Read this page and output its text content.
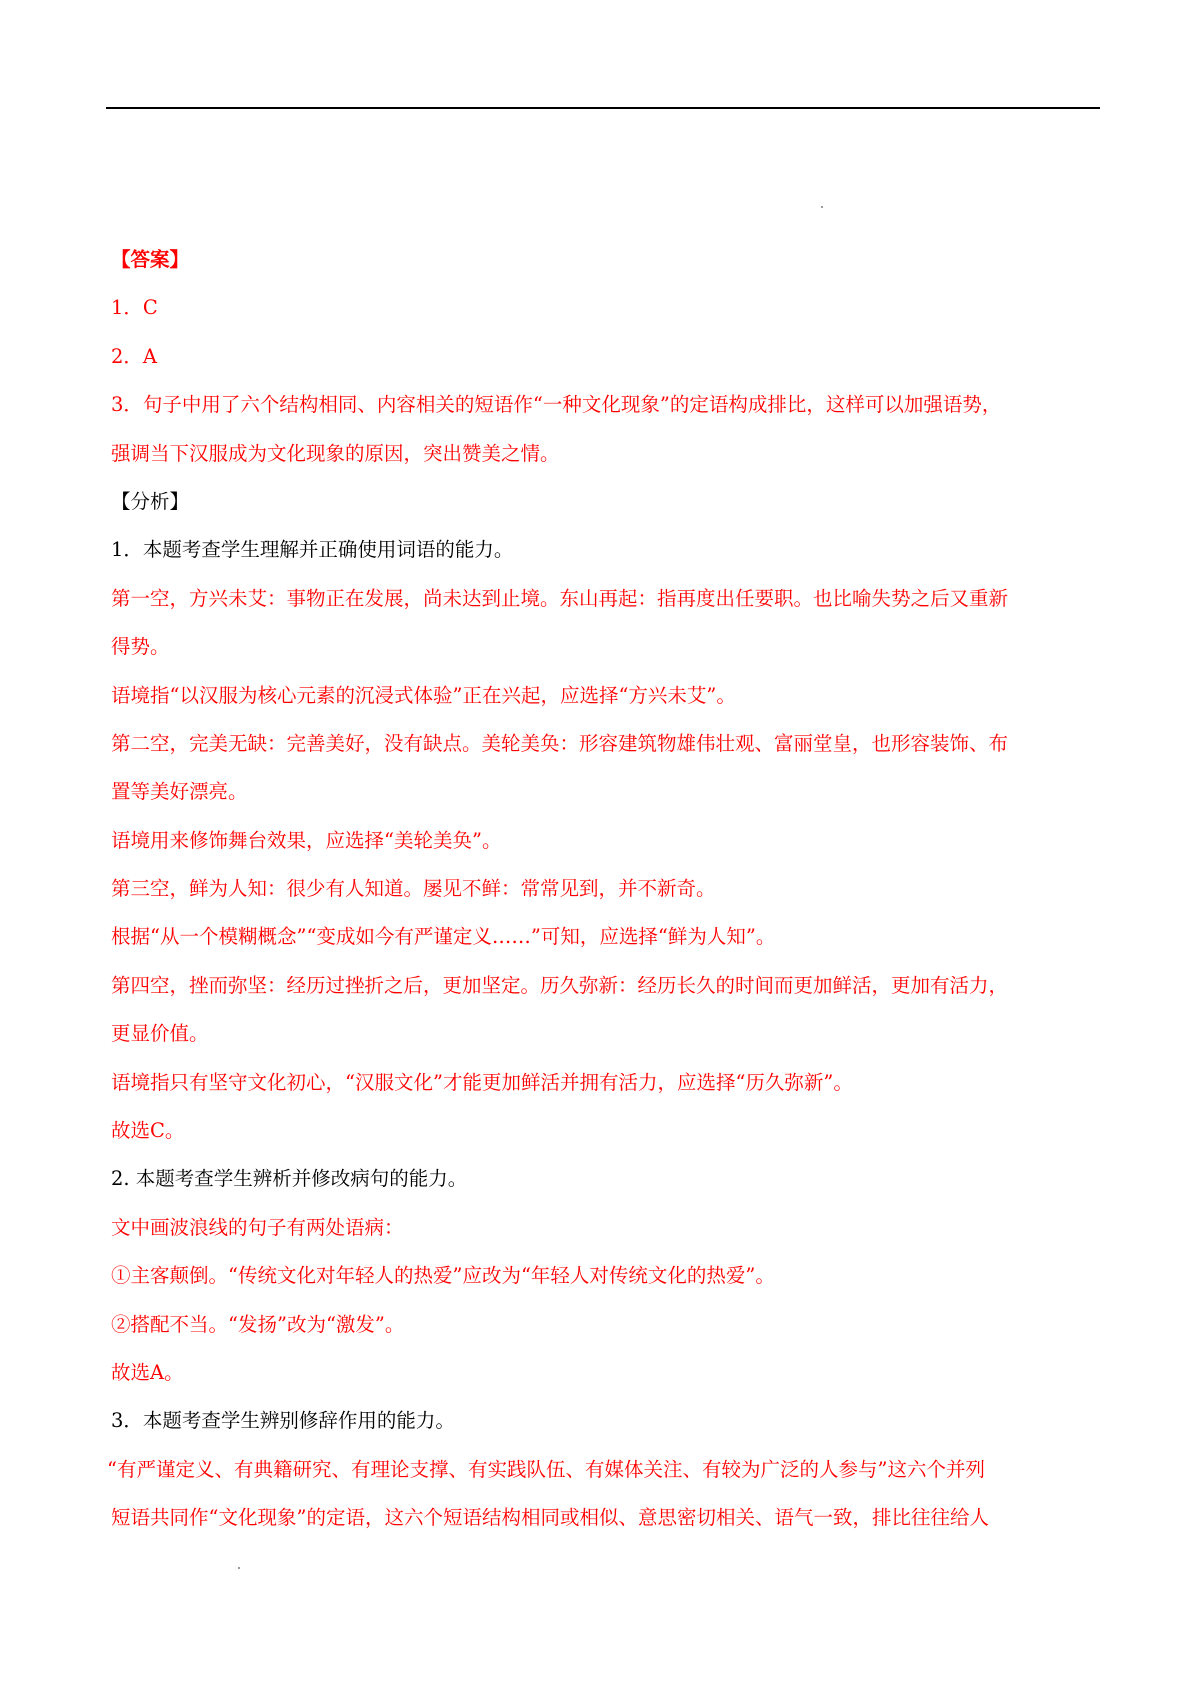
【答案】
1．C
2．A
3．句子中用了六个结构相同、内容相关的短语作“一种文化现象”的定语构成排比，这样可以加强语势，
强调当下汉服成为文化现象的原因，突出赞美之情。
【分析】
1．本题考查学生理解并正确使用词语的能力。
第一空，方兴未艾：事物正在发展，尚未达到止境。东山再起：指再度出任要职。也比喻失势之后又重新
得势。
语境指“以汉服为核心元素的沉浸式体验”正在兴起，应选择“方兴未艾”。
第二空，完美无缺：完善美好，没有缺点。美轮美奂：形容建筑物雄伟壮观、富丽堂皇，也形容装饰、布
置等美好漂亮。
语境用来修饰舞台效果，应选择“美轮美奂”。
第三空，鲜为人知：很少有人知道。屡见不鲜：常常见到，并不新奇。
根据“从一个模糊概念”“变成如今有严谨定义……”可知，应选择“鲜为人知”。
第四空，挫而弥坚：经历过挫折之后，更加坚定。历久弥新：经历长久的时间而更加鲜活，更加有活力，
更显价值。
语境指只有坚守文化初心，“汉服文化”才能更加鲜活并拥有活力，应选择“历久弥新”。
故选C。
2. 本题考查学生辨析并修改病句的能力。
文中画波浪线的句子有两处语病：
①主客颠倒。“传统文化对年轻人的热爱”应改为“年轻人对传统文化的热爱”。
②搭配不当。“发扬”改为“激发”。
故选A。
3．本题考查学生辨别修辞作用的能力。
“有严谨定义、有典籍研究、有理论支撑、有实践队伍、有媒体关注、有较为广泛的人参与”这六个并列
短语共同作“文化现象”的定语，这六个短语结构相同或相似、意思密切相关、语气一致，排比往往给人
